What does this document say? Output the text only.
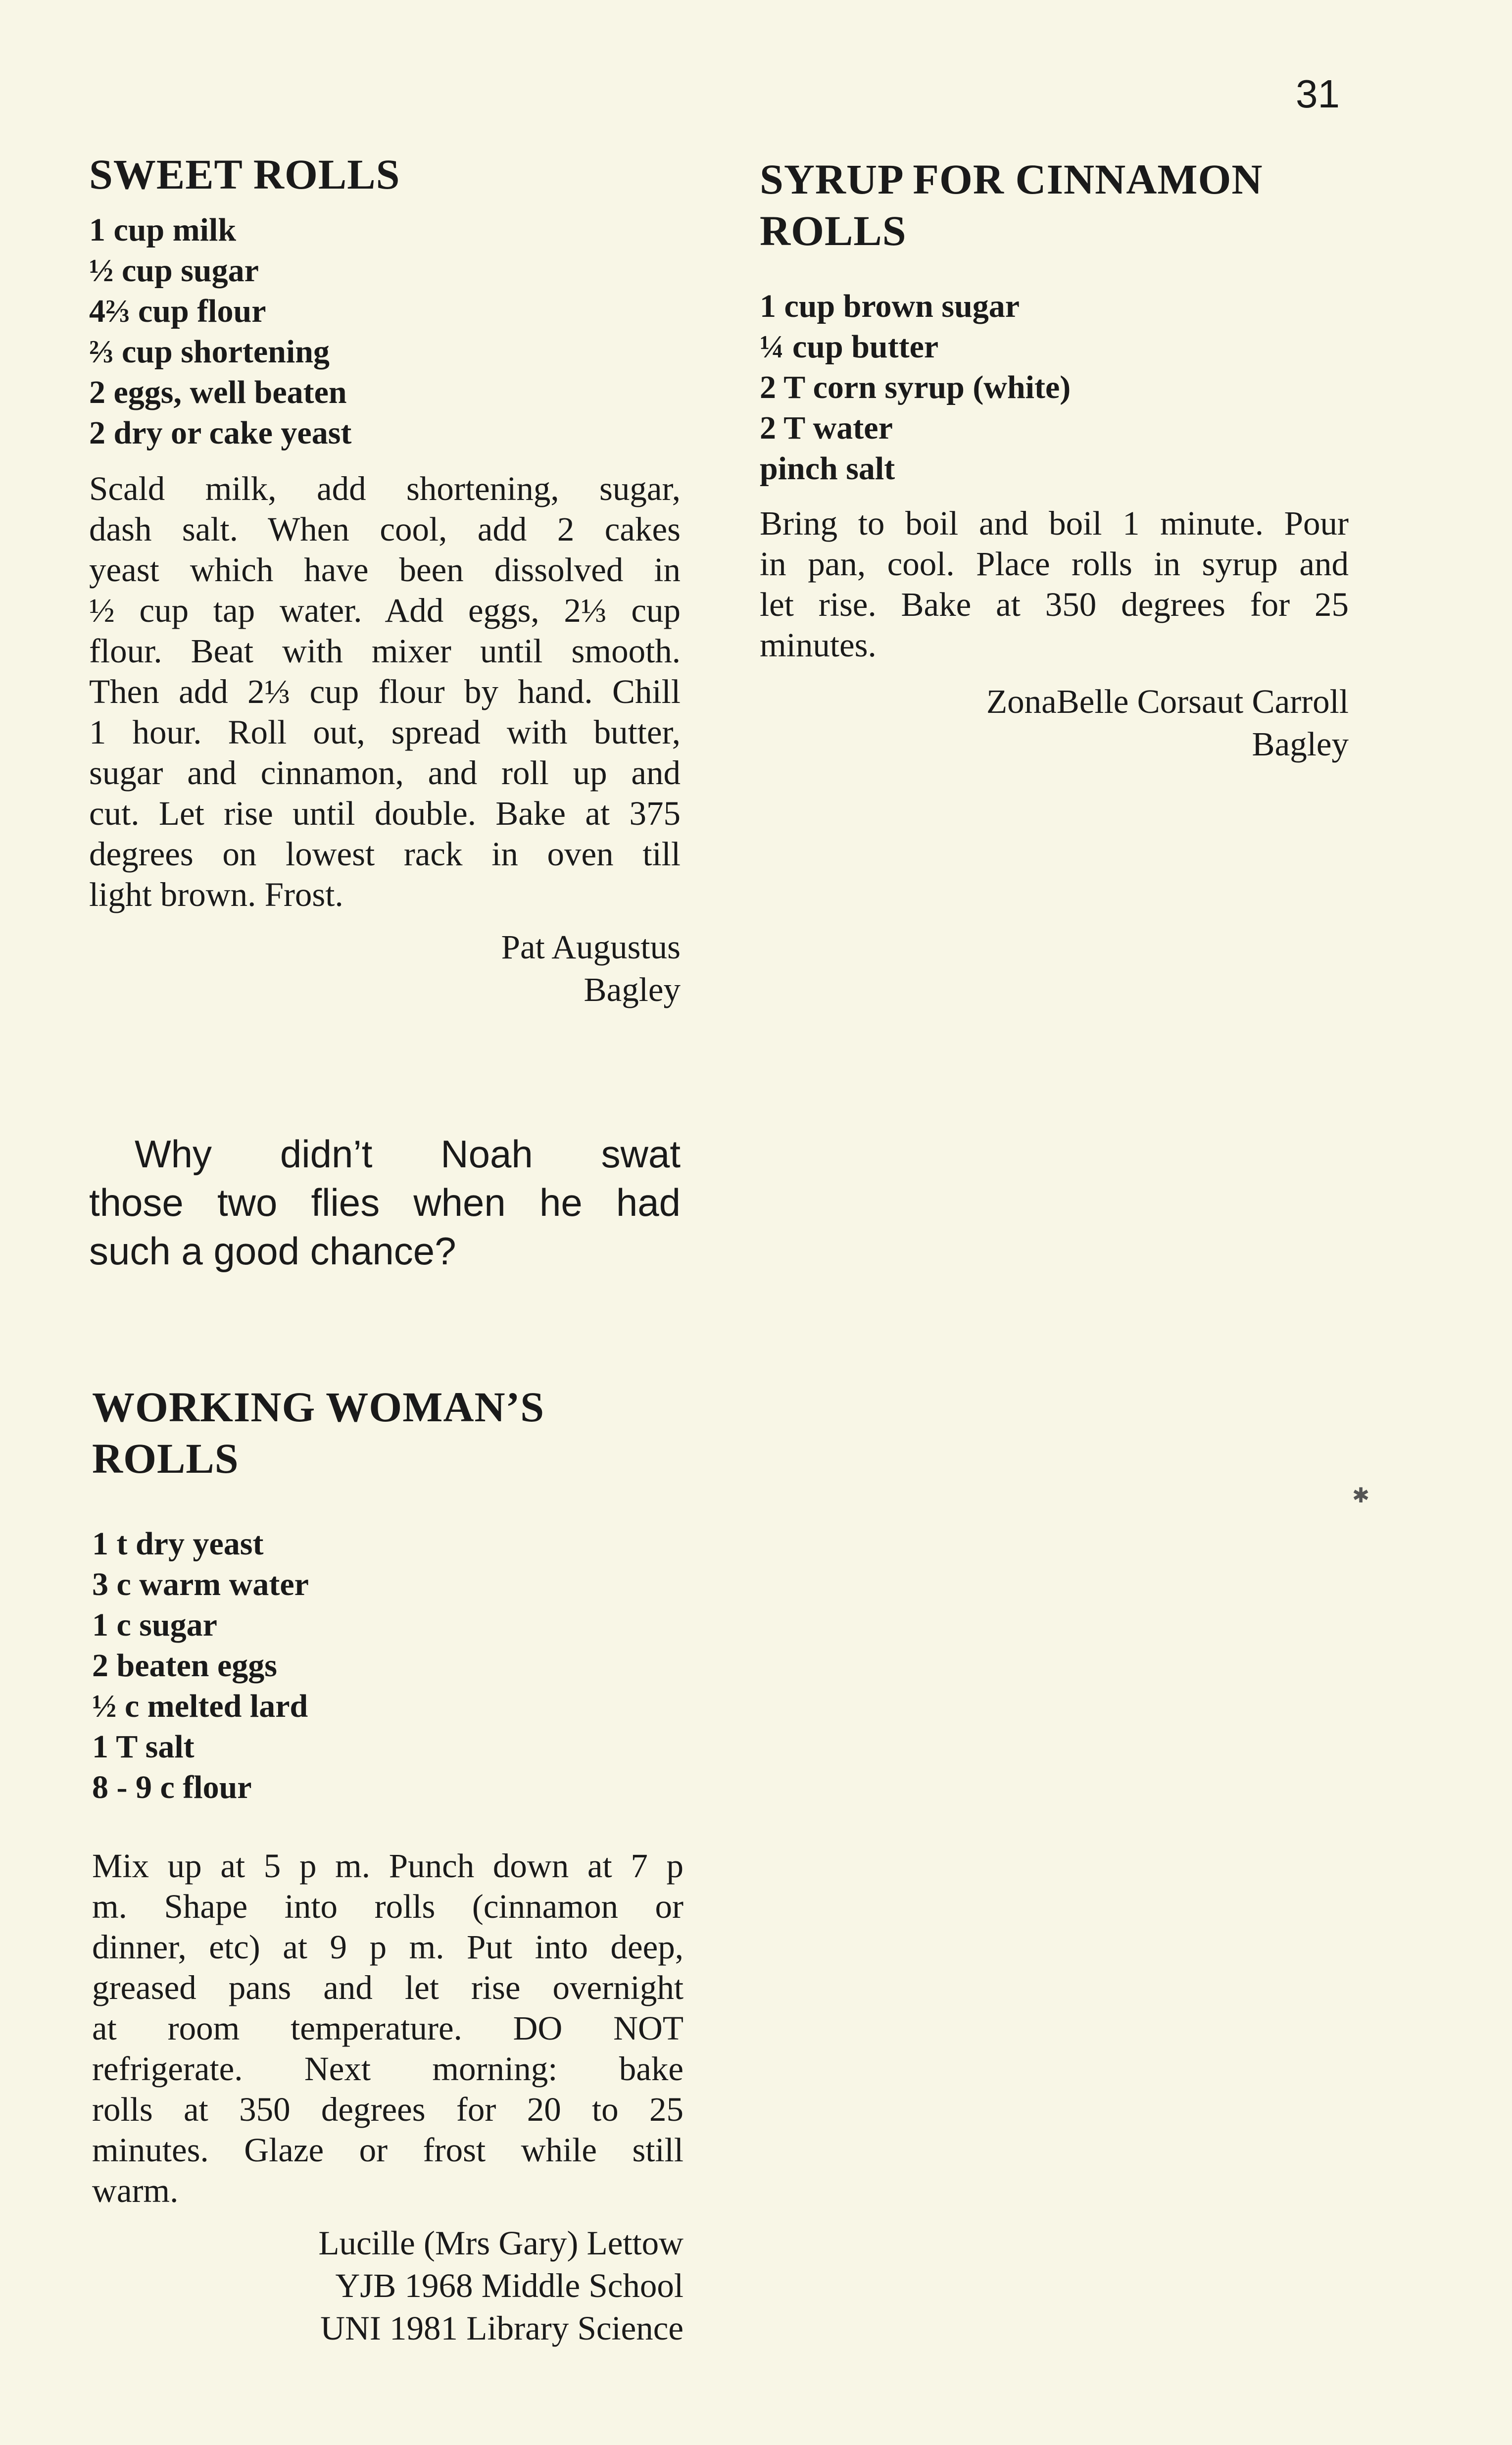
31
SWEET ROLLS
1 cup milk
½ cup sugar
4⅔ cup flour
⅔ cup shortening
2 eggs, well beaten
2 dry or cake yeast

Scald milk, add shortening, sugar,
dash salt. When cool, add 2 cakes
yeast which have been dissolved in
½ cup tap water. Add eggs, 2⅓ cup
flour. Beat with mixer until smooth.
Then add 2⅓ cup flour by hand. Chill
1 hour. Roll out, spread with butter,
sugar and cinnamon, and roll up and
cut. Let rise until double. Bake at 375
degrees on lowest rack in oven till
light brown. Frost.

Pat Augustus
Bagley

Why didn’t Noah swat
those two flies when he had
such a good chance?

WORKING WOMAN’S
ROLLS
1 t dry yeast
3 c warm water
1 c sugar
2 beaten eggs
½ c melted lard
1 T salt
8 - 9 c flour

Mix up at 5 p m. Punch down at 7 p
m. Shape into rolls (cinnamon or
dinner, etc) at 9 p m. Put into deep,
greased pans and let rise overnight
at room temperature. DO NOT
refrigerate. Next morning: bake
rolls at 350 degrees for 20 to 25
minutes. Glaze or frost while still
warm.

Lucille (Mrs Gary) Lettow
YJB 1968 Middle School
UNI 1981 Library Science
SYRUP FOR CINNAMON
ROLLS
1 cup brown sugar
¼ cup butter
2 T corn syrup (white)
2 T water
pinch salt

Bring to boil and boil 1 minute. Pour
in pan, cool. Place rolls in syrup and
let rise. Bake at 350 degrees for 25
minutes.

ZonaBelle Corsaut Carroll
Bagley
✱
